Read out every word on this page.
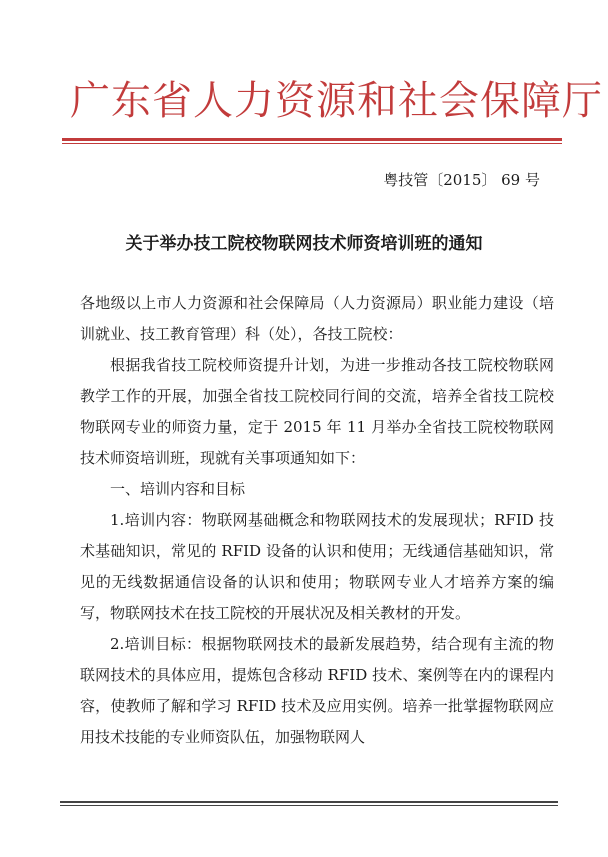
广东省人力资源和社会保障厅
粤技管〔2015〕 69 号
关于举办技工院校物联网技术师资培训班的通知

各地级以上市人力资源和社会保障局（人力资源局）职业能力建设（培训就业、技工教育管理）科（处），各技工院校：

根据我省技工院校师资提升计划，为进一步推动各技工院校物联网教学工作的开展，加强全省技工院校同行间的交流，培养全省技工院校物联网专业的师资力量，定于 2015 年 11 月举办全省技工院校物联网技术师资培训班，现就有关事项通知如下：

一、培训内容和目标

1.培训内容：物联网基础概念和物联网技术的发展现状；RFID 技术基础知识，常见的 RFID 设备的认识和使用；无线通信基础知识，常见的无线数据通信设备的认识和使用；物联网专业人才培养方案的编写，物联网技术在技工院校的开展状况及相关教材的开发。

2.培训目标：根据物联网技术的最新发展趋势，结合现有主流的物联网技术的具体应用，提炼包含移动 RFID 技术、案例等在内的课程内容，使教师了解和学习 RFID 技术及应用实例。培养一批掌握物联网应用技术技能的专业师资队伍，加强物联网人
